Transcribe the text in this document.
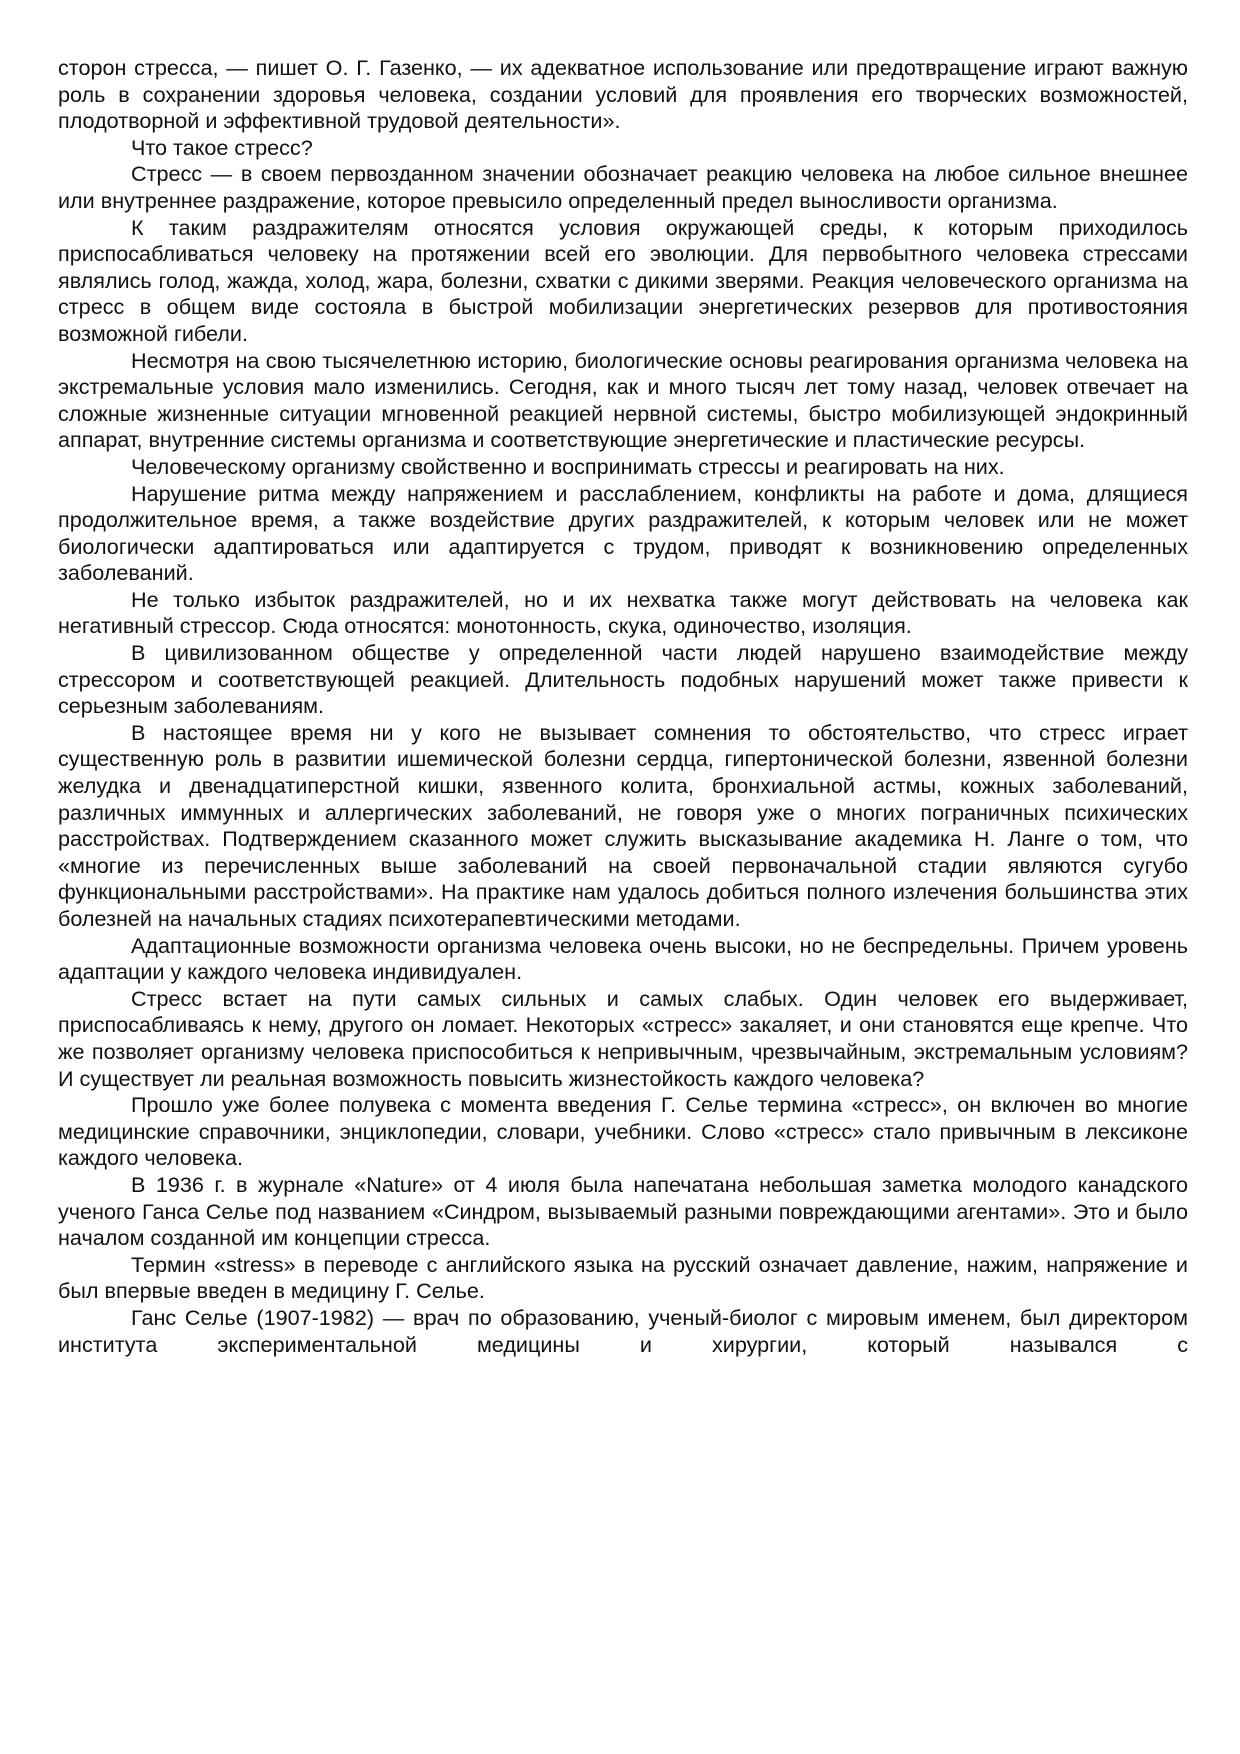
сторон стресса, — пишет О. Г. Газенко, — их адекватное использование или предотвращение играют важную роль в сохранении здоровья человека, создании условий для проявления его творческих возможностей, плодотворной и эффективной трудовой деятельности».

Что такое стресс?

Стресс — в своем первозданном значении обозначает реакцию человека на любое сильное внешнее или внутреннее раздражение, которое превысило определенный предел выносливости организма.

К таким раздражителям относятся условия окружающей среды, к которым приходилось приспосабливаться человеку на протяжении всей его эволюции. Для первобытного человека стрессами являлись голод, жажда, холод, жара, болезни, схватки с дикими зверями. Реакция человеческого организма на стресс в общем виде состояла в быстрой мобилизации энергетических резервов для противостояния возможной гибели.

Несмотря на свою тысячелетнюю историю, биологические основы реагирования организма человека на экстремальные условия мало изменились. Сегодня, как и много тысяч лет тому назад, человек отвечает на сложные жизненные ситуации мгновенной реакцией нервной системы, быстро мобилизующей эндокринный аппарат, внутренние системы организма и соответствующие энергетические и пластические ресурсы.

Человеческому организму свойственно и воспринимать стрессы и реагировать на них.

Нарушение ритма между напряжением и расслаблением, конфликты на работе и дома, длящиеся продолжительное время, а также воздействие других раздражителей, к которым человек или не может биологически адаптироваться или адаптируется с трудом, приводят к возникновению определенных заболеваний.

Не только избыток раздражителей, но и их нехватка также могут действовать на человека как негативный стрессор. Сюда относятся: монотонность, скука, одиночество, изоляция.

В цивилизованном обществе у определенной части людей нарушено взаимодействие между стрессором и соответствующей реакцией. Длительность подобных нарушений может также привести к серьезным заболеваниям.

В настоящее время ни у кого не вызывает сомнения то обстоятельство, что стресс играет существенную роль в развитии ишемической болезни сердца, гипертонической болезни, язвенной болезни желудка и двенадцатиперстной кишки, язвенного колита, бронхиальной астмы, кожных заболеваний, различных иммунных и аллергических заболеваний, не говоря уже о многих пограничных психических расстройствах. Подтверждением сказанного может служить высказывание академика Н. Ланге о том, что «многие из перечисленных выше заболеваний на своей первоначальной стадии являются сугубо функциональными расстройствами». На практике нам удалось добиться полного излечения большинства этих болезней на начальных стадиях психотерапевтическими методами.

Адаптационные возможности организма человека очень высоки, но не беспредельны. Причем уровень адаптации у каждого человека индивидуален.

Стресс встает на пути самых сильных и самых слабых. Один человек его выдерживает, приспосабливаясь к нему, другого он ломает. Некоторых «стресс» закаляет, и они становятся еще крепче. Что же позволяет организму человека приспособиться к непривычным, чрезвычайным, экстремальным условиям? И существует ли реальная возможность повысить жизнестойкость каждого человека?

Прошло уже более полувека с момента введения Г. Селье термина «стресс», он включен во многие медицинские справочники, энциклопедии, словари, учебники. Слово «стресс» стало привычным в лексиконе каждого человека.

В 1936 г. в журнале «Nature» от 4 июля была напечатана небольшая заметка молодого канадского ученого Ганса Селье под названием «Синдром, вызываемый разными повреждающими агентами». Это и было началом созданной им концепции стресса.

Термин «stress» в переводе с английского языка на русский означает давление, нажим, напряжение и был впервые введен в медицину Г. Селье.

Ганс Селье (1907-1982) — врач по образованию, ученый-биолог с мировым именем, был директором института экспериментальной медицины и хирургии, который назывался с
